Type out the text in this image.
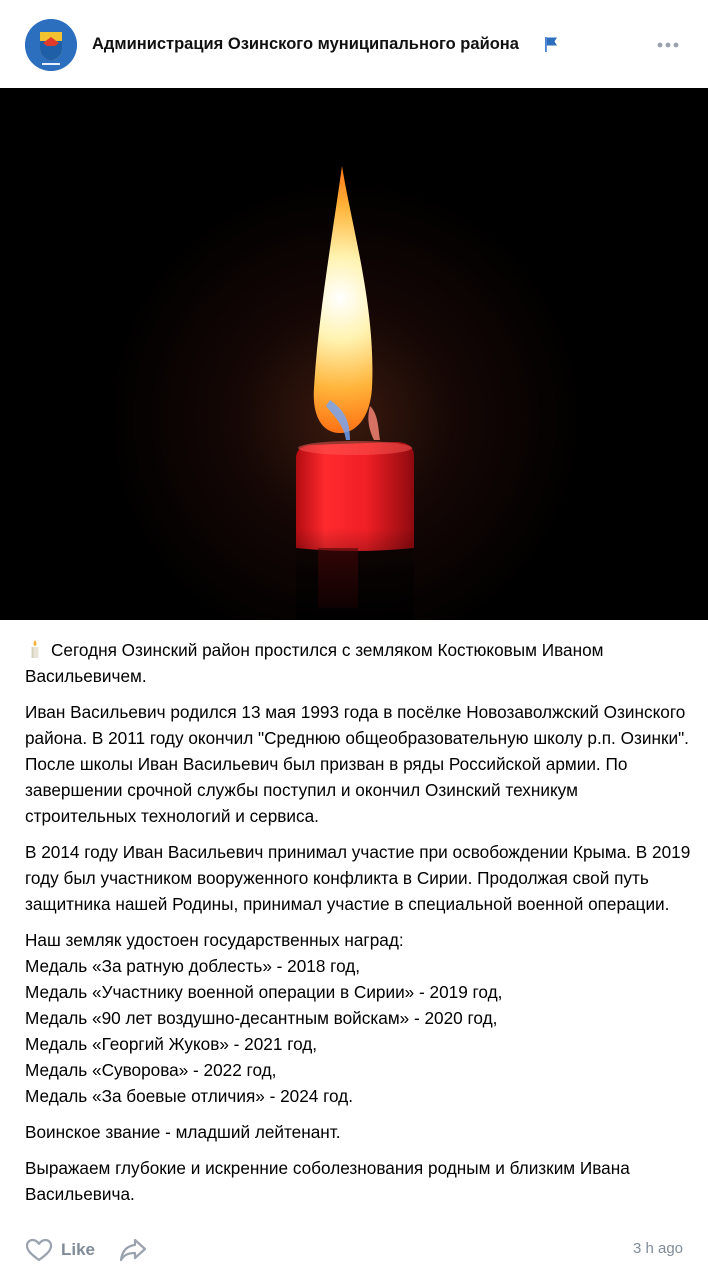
Администрация Озинского муниципального района

Сегодня Озинский район простился с земляком Костюковым Иваном Васильевичем.

Иван Васильевич родился 13 мая 1993 года в посёлке Новозаволжский Озинского района. В 2011 году окончил "Среднюю общеобразовательную школу р.п. Озинки". После школы Иван Васильевич был призван в ряды Российской армии. По завершении срочной службы поступил и окончил Озинский техникум строительных технологий и сервиса.

В 2014 году Иван Васильевич принимал участие при освобождении Крыма. В 2019 году был участником вооруженного конфликта в Сирии. Продолжая свой путь защитника нашей Родины, принимал участие в специальной военной операции.

Наш земляк удостоен государственных наград:
Медаль «За ратную доблесть» - 2018 год,
Медаль «Участнику военной операции в Сирии» - 2019 год,
Медаль «90 лет воздушно-десантным войскам» - 2020 год,
Медаль «Георгий Жуков» - 2021 год,
Медаль «Суворова» - 2022 год,
Медаль «За боевые отличия» - 2024 год.

Воинское звание - младший лейтенант.

Выражаем глубокие и искренние соболезнования родным и близким Ивана Васильевича.

Like	3 h ago
